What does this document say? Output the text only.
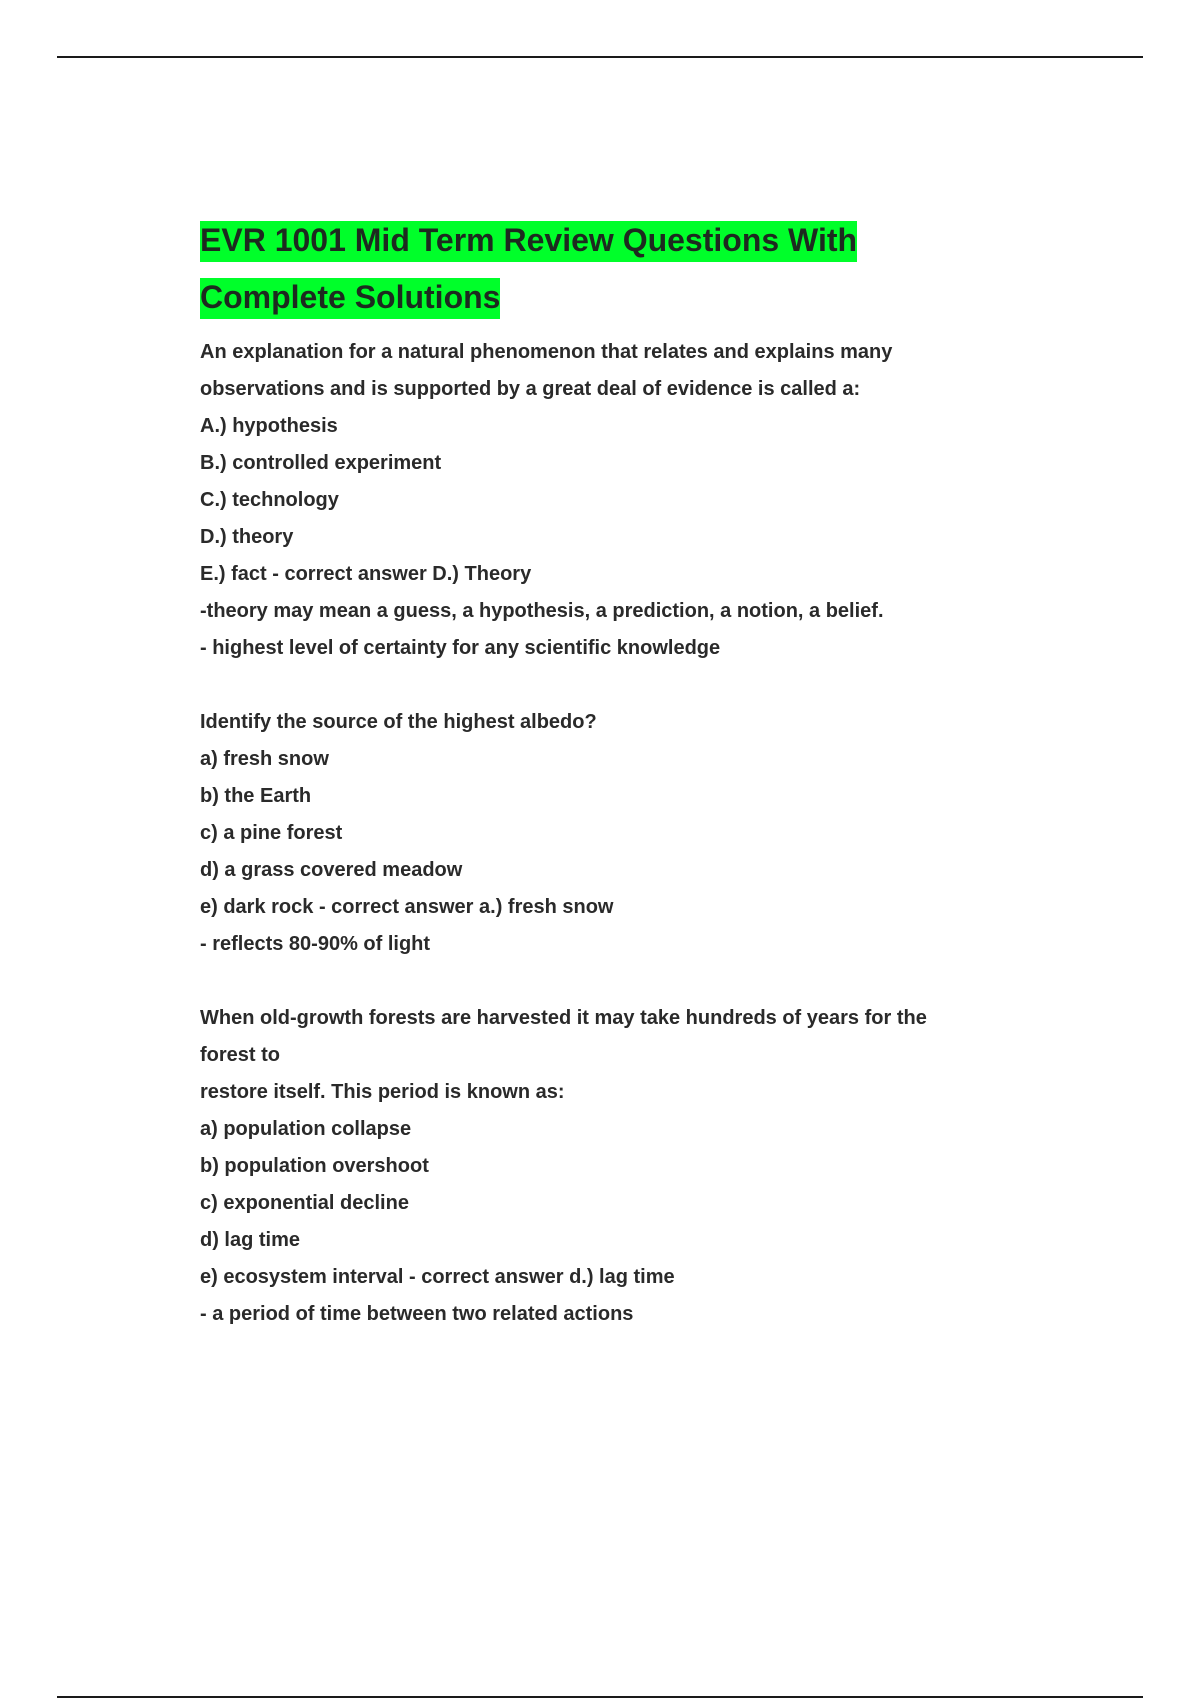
EVR 1001 Mid Term Review Questions With
Complete Solutions
An explanation for a natural phenomenon that relates and explains many
observations and is supported by a great deal of evidence is called a:
A.) hypothesis
B.) controlled experiment
C.) technology
D.) theory
E.) fact - correct answer D.) Theory
-theory may mean a guess, a hypothesis, a prediction, a notion, a belief.
- highest level of certainty for any scientific knowledge
Identify the source of the highest albedo?
a) fresh snow
b) the Earth
c) a pine forest
d) a grass covered meadow
e) dark rock - correct answer a.) fresh snow
- reflects 80-90% of light
When old-growth forests are harvested it may take hundreds of years for the
forest to
restore itself. This period is known as:
a) population collapse
b) population overshoot
c) exponential decline
d) lag time
e) ecosystem interval - correct answer d.) lag time
- a period of time between two related actions
